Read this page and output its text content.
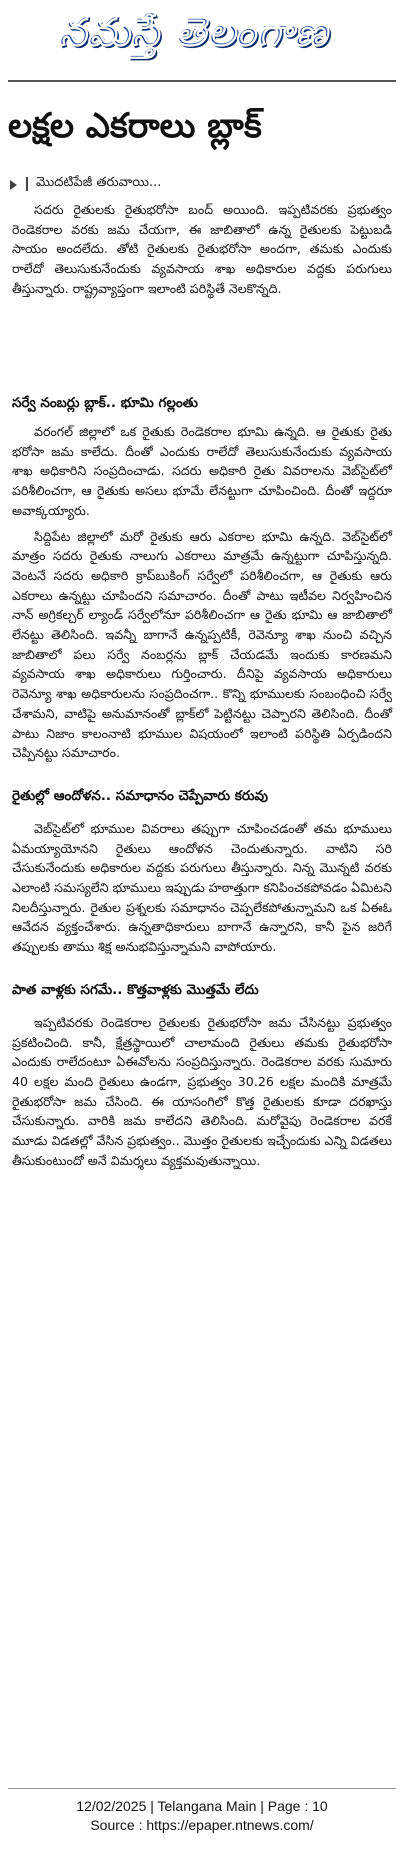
నమస్తే తెలంగాణ
లక్షల ఎకరాలు బ్లాక్
మొదటిపేజీ తరువాయి...

సదరు రైతులకు రైతుభరోసా బంద్ అయింది. ఇప్పటివరకు ప్రభుత్వం రెండెకరాల వరకు జమ చేయగా, ఈ జాబితాలో ఉన్న రైతులకు పెట్టుబడి సాయం అందలేదు. తోటి రైతులకు రైతుభరోసా అందగా, తమకు ఎందుకు రాలేదో తెలుసుకునేందుకు వ్యవసాయ శాఖ అధికారుల వద్దకు పరుగులు తీస్తున్నారు. రాష్ట్రవ్యాప్తంగా ఇలాంటి పరిస్థితే నెలకొన్నది.

సర్వే నంబర్లు బ్లాక్.. భూమి గల్లంతు

వరంగల్ జిల్లాలో ఒక రైతుకు రెండెకరాల భూమి ఉన్నది. ఆ రైతుకు రైతు భరోసా జమ కాలేదు. దీంతో ఎందుకు రాలేదో తెలుసుకునేందుకు వ్యవసాయ శాఖ అధికారిని సంప్రదించాడు. సదరు అధికారి రైతు వివరాలను వెబ్‌సైట్‌లో పరిశీలించగా, ఆ రైతుకు అసలు భూమే లేనట్టుగా చూపించింది. దీంతో ఇద్దరూ అవాక్కయ్యారు.

సిద్దిపేట జిల్లాలో మరో రైతుకు ఆరు ఎకరాల భూమి ఉన్నది. వెబ్‌సైట్‌లో మాత్రం సదరు రైతుకు నాలుగు ఎకరాలు మాత్రమే ఉన్నట్టుగా చూపిస్తున్నది. వెంటనే సదరు అధికారి క్రాప్‌బుకింగ్ సర్వేలో పరిశీలించగా, ఆ రైతుకు ఆరు ఎకరాలు ఉన్నట్టు చూపిందని సమాచారం. దీంతో పాటు ఇటీవల నిర్వహించిన నాన్ అగ్రికల్చర్ ల్యాండ్ సర్వేలోనూ పరిశీలించగా ఆ రైతు భూమి ఆ జాబితాలో లేనట్టు తెలిసింది. ఇవన్నీ బాగానే ఉన్నప్పటికీ, రెవెన్యూ శాఖ నుంచి వచ్చిన జాబితాలో పలు సర్వే నంబర్లను బ్లాక్ చేయడమే ఇందుకు కారణమని వ్యవసాయ శాఖ అధికారులు గుర్తించారు. దీనిపై వ్యవసాయ అధికారులు రెవెన్యూ శాఖ అధికారులను సంప్రదించగా.. కొన్ని భూములకు సంబంధించి సర్వే చేశామని, వాటిపై అనుమానంతో బ్లాక్‌లో పెట్టినట్టు చెప్పారని తెలిసింది. దీంతో పాటు నిజాం కాలంనాటి భూముల విషయంలో ఇలాంటి పరిస్థితి ఏర్పడిందని చెప్పినట్టు సమాచారం.

రైతుల్లో ఆందోళన.. సమాధానం చెప్పేవారు కరువు

వెబ్‌సైట్‌లో భూముల వివరాలు తప్పుగా చూపించడంతో తమ భూములు ఏమయ్యాయోనని రైతులు ఆందోళన చెందుతున్నారు. వాటిని సరి చేసుకునేందుకు అధికారుల వద్దకు పరుగులు తీస్తున్నారు. నిన్న మొన్నటి వరకు ఎలాంటి సమస్యలేని భూములు ఇప్పుడు హఠాత్తుగా కనిపించకపోవడం ఏమిటని నిలదీస్తున్నారు. రైతుల ప్రశ్నలకు సమాధానం చెప్పలేకపోతున్నామని ఒక ఏఈఓ ఆవేదన వ్యక్తంచేశారు. ఉన్నతాధికారులు బాగానే ఉన్నారని, కానీ పైన జరిగే తప్పులకు తాము శిక్ష అనుభవిస్తున్నామని వాపోయారు.

పాత వాళ్లకు సగమే.. కొత్తవాళ్లకు మొత్తమే లేదు

ఇప్పటివరకు రెండెకరాల రైతులకు రైతుభరోసా జమ చేసినట్టు ప్రభుత్వం ప్రకటించింది. కానీ, క్షేత్రస్థాయిలో చాలామంది రైతులు తమకు రైతుభరోసా ఎందుకు రాలేదంటూ ఏఈవోలను సంప్రదిస్తున్నారు. రెండెకరాల వరకు సుమారు 40 లక్షల మంది రైతులు ఉండగా, ప్రభుత్వం 30.26 లక్షల మందికి మాత్రమే రైతుభరోసా జమ చేసింది. ఈ యాసంగిలో కొత్త రైతులకు కూడా దరఖాస్తు చేసుకున్నారు. వారికి జమ కాలేదని తెలిసింది. మరోవైపు రెండెకరాల వరకే మూడు విడతల్లో వేసిన ప్రభుత్వం.. మొత్తం రైతులకు ఇచ్చేందుకు ఎన్ని విడతలు తీసుకుంటుందో అనే విమర్శలు వ్యక్తమవుతున్నాయి.

12/02/2025 | Telangana Main | Page : 10
Source : https://epaper.ntnews.com/
